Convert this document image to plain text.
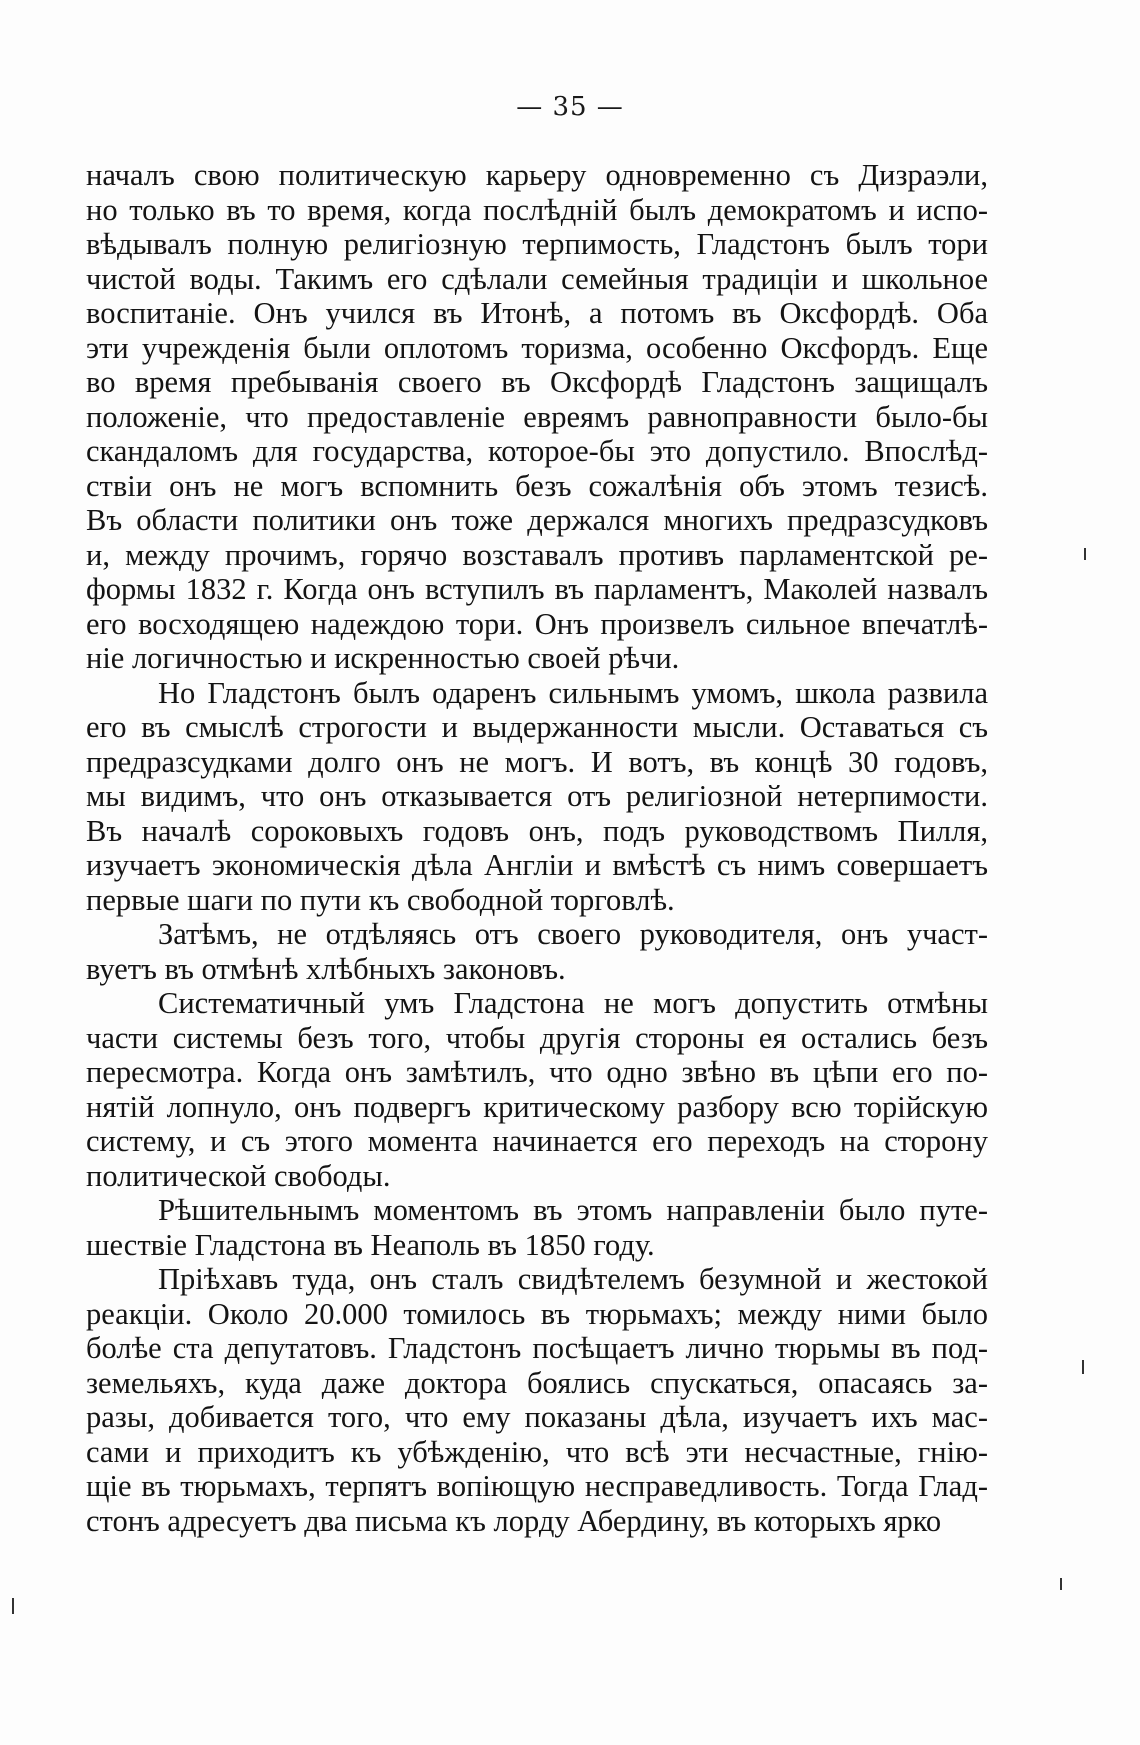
— 35 —
началъ свою политическую карьеру одновременно съ Дизраэли,
но только въ то время, когда послѣдній былъ демократомъ и испо-
вѣдывалъ полную религіозную терпимость, Гладстонъ былъ тори
чистой воды. Такимъ его сдѣлали семейныя традиціи и школьное
воспитаніе. Онъ учился въ Итонѣ, а потомъ въ Оксфордѣ. Оба
эти учрежденія были оплотомъ торизма, особенно Оксфордъ. Еще
во время пребыванія своего въ Оксфордѣ Гладстонъ защищалъ
положеніе, что предоставленіе евреямъ равноправности было-бы
скандаломъ для государства, которое-бы это допустило. Впослѣд-
ствіи онъ не могъ вспомнить безъ сожалѣнія объ этомъ тезисѣ.
Въ области политики онъ тоже держался многихъ предразсудковъ
и, между прочимъ, горячо возставалъ противъ парламентской ре-
формы 1832 г. Когда онъ вступилъ въ парламентъ, Маколей назвалъ
его восходящею надеждою тори. Онъ произвелъ сильное впечатлѣ-
ніе логичностью и искренностью своей рѣчи.
Но Гладстонъ былъ одаренъ сильнымъ умомъ, школа развила
его въ смыслѣ строгости и выдержанности мысли. Оставаться съ
предразсудками долго онъ не могъ. И вотъ, въ концѣ 30 годовъ,
мы видимъ, что онъ отказывается отъ религіозной нетерпимости.
Въ началѣ сороковыхъ годовъ онъ, подъ руководствомъ Пилля,
изучаетъ экономическія дѣла Англіи и вмѣстѣ съ нимъ совершаетъ
первые шаги по пути къ свободной торговлѣ.
Затѣмъ, не отдѣляясь отъ своего руководителя, онъ участ-
вуетъ въ отмѣнѣ хлѣбныхъ законовъ.
Систематичный умъ Гладстона не могъ допустить отмѣны
части системы безъ того, чтобы другія стороны ея остались безъ
пересмотра. Когда онъ замѣтилъ, что одно звѣно въ цѣпи его по-
нятій лопнуло, онъ подвергъ критическому разбору всю торійскую
систему, и съ этого момента начинается его переходъ на сторону
политической свободы.
Рѣшительнымъ моментомъ въ этомъ направленіи было путе-
шествіе Гладстона въ Неаполь въ 1850 году.
Пріѣхавъ туда, онъ сталъ свидѣтелемъ безумной и жестокой
реакціи. Около 20.000 томилось въ тюрьмахъ; между ними было
болѣе ста депутатовъ. Гладстонъ посѣщаетъ лично тюрьмы въ под-
земельяхъ, куда даже доктора боялись спускаться, опасаясь за-
разы, добивается того, что ему показаны дѣла, изучаетъ ихъ мас-
сами и приходитъ къ убѣжденію, что всѣ эти несчастные, гнію-
щіе въ тюрьмахъ, терпятъ вопіющую несправедливость. Тогда Глад-
стонъ адресуетъ два письма къ лорду Абердину, въ которыхъ ярко
